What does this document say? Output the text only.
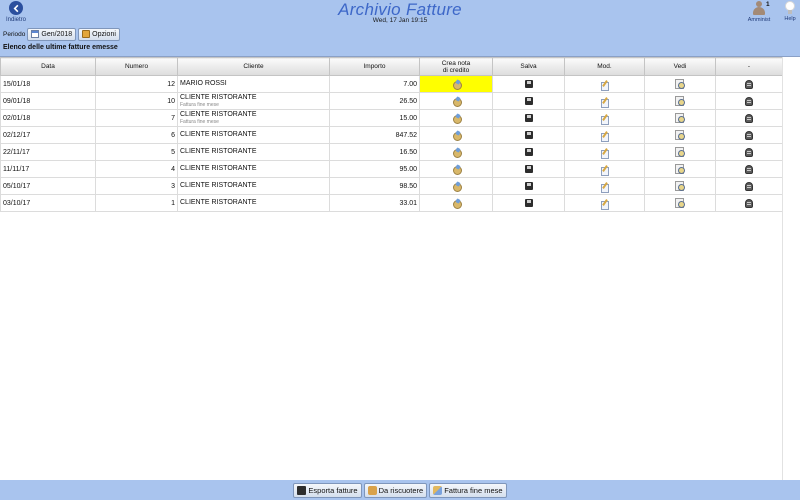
Indietro
Archivio Fatture
Wed, 17 Jan 19:15	Amminist
1
Help
Periodo Gen/2018	Opzioni
Elenco delle ultime fatture emesse
Data	Numero	Cliente	Importo	Crea nota
di credito	Salva	Mod.	Vedi	-
15/01/18	12	MARIO ROSSI	7.00					
09/01/18	10	CLIENTE RISTORANTE
Fattura fine mese	26.50					
02/01/18	7	CLIENTE RISTORANTE
Fattura fine mese	15.00					
02/12/17	6	CLIENTE RISTORANTE	847.52					
22/11/17	5	CLIENTE RISTORANTE	16.50					
11/11/17	4	CLIENTE RISTORANTE	95.00					
05/10/17	3	CLIENTE RISTORANTE	98.50					
03/10/17	1	CLIENTE RISTORANTE	33.01					
Esporta fatture	Da riscuotere	Fattura fine mese
